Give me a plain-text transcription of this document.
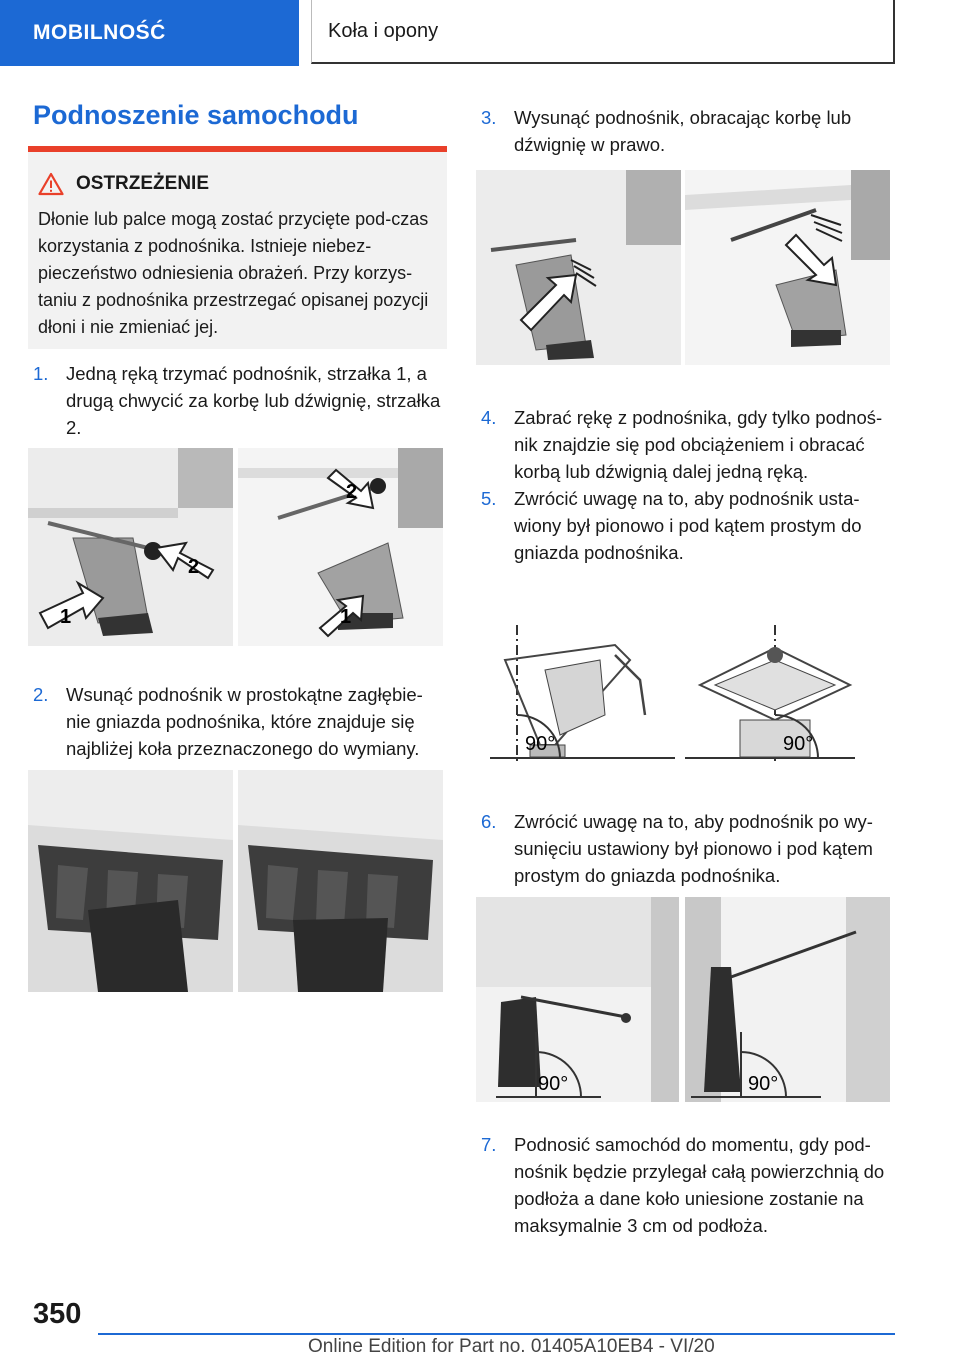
MOBILNOŚĆ	Koła i opony
Podnoszenie samochodu
OSTRZEŻENIE

Dłonie lub palce mogą zostać przycięte pod-czas korzystania z podnośnika. Istnieje niebez-pieczeństwo odniesienia obrażeń. Przy korzys-taniu z podnośnika przestrzegać opisanej pozycji dłoni i nie zmieniać jej.

1. Jedną ręką trzymać podnośnik, strzałka 1, a drugą chwycić za korbę lub dźwignię, strzałka 2.
1
2
2
1
2. Wsunąć podnośnik w prostokątne zagłębie-nie gniazda podnośnika, które znajduje się najbliżej koła przeznaczonego do wymiany.
3. Wysunąć podnośnik, obracając korbę lub dźwignię w prawo.
4. Zabrać rękę z podnośnika, gdy tylko podnoś-nik znajdzie się pod obciążeniem i obracać korbą lub dźwignią dalej jedną ręką.
5. Zwrócić uwagę na to, aby podnośnik usta-wiony był pionowo i pod kątem prostym do gniazda podnośnika.
90°	90°
6. Zwrócić uwagę na to, aby podnośnik po wy-sunięciu ustawiony był pionowo i pod kątem prostym do gniazda podnośnika.
90°	90°
7. Podnosić samochód do momentu, gdy pod-nośnik będzie przylegał całą powierzchnią do podłoża a dane koło uniesione zostanie na maksymalnie 3 cm od podłoża.
350
Online Edition for Part no. 01405A10EB4 - VI/20
